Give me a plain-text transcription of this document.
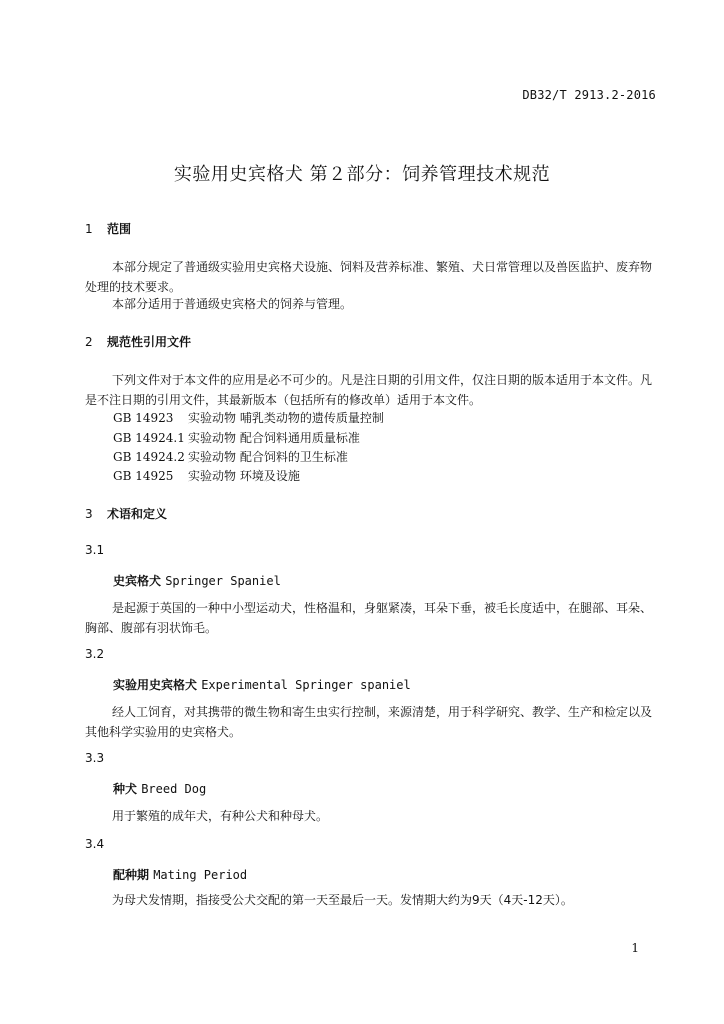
DB32/T 2913.2-2016
实验用史宾格犬 第２部分：饲养管理技术规范
1 范围
本部分规定了普通级实验用史宾格犬设施、饲料及营养标准、繁殖、犬日常管理以及兽医监护、废弃物处理的技术要求。
本部分适用于普通级史宾格犬的饲养与管理。
2 规范性引用文件
下列文件对于本文件的应用是必不可少的。凡是注日期的引用文件，仅注日期的版本适用于本文件。凡是不注日期的引用文件，其最新版本（包括所有的修改单）适用于本文件。
GB 14923 实验动物 哺乳类动物的遗传质量控制
GB 14924.1 实验动物 配合饲料通用质量标准
GB 14924.2 实验动物 配合饲料的卫生标准
GB 14925 实验动物 环境及设施
3 术语和定义
3.1
史宾格犬 Springer Spaniel
是起源于英国的一种中小型运动犬，性格温和，身躯紧凑，耳朵下垂，被毛长度适中，在腿部、耳朵、胸部、腹部有羽状饰毛。
3.2
实验用史宾格犬 Experimental Springer spaniel
经人工饲育，对其携带的微生物和寄生虫实行控制，来源清楚，用于科学研究、教学、生产和检定以及其他科学实验用的史宾格犬。
3.3
种犬 Breed Dog
用于繁殖的成年犬，有种公犬和种母犬。
3.4
配种期 Mating Period
为母犬发情期，指接受公犬交配的第一天至最后一天。发情期大约为9天（4天-12天）。
1
